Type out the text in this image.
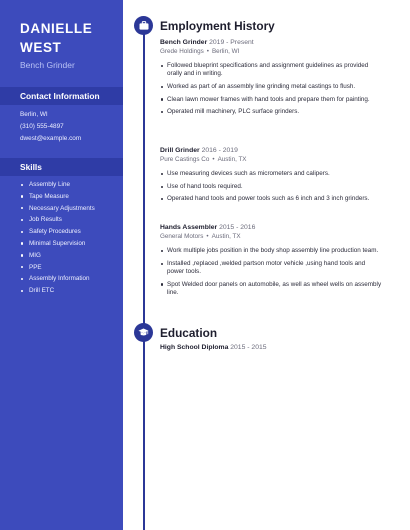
DANIELLE
WEST
Bench Grinder
Contact Information
Berlin, WI
(310) 555-4897
dwest@example.com
Skills
Assembly Line
Tape Measure
Necessary Adjustments
Job Results
Safety Procedures
Minimal Supervision
MIG
PPE
Assembly Information
Drill ETC
Employment History
Bench Grinder 2019 - Present
Grede Holdings • Berlin, WI
Followed blueprint specifications and assignment guidelines as provided orally and in writing.
Worked as part of an assembly line grinding metal castings to flush.
Clean lawn mower frames with hand tools and prepare them for painting.
Operated mill machinery, PLC surface grinders.
Drill Grinder 2016 - 2019
Pure Castings Co • Austin, TX
Use measuring devices such as micrometers and calipers.
Use of hand tools required.
Operated hand tools and power tools such as 6 inch and 3 inch grinders.
Hands Assembler 2015 - 2016
General Motors • Austin, TX
Work multiple jobs position in the body shop assembly line production team.
Installed ,replaced ,welded partson motor vehicle ,using hand tools and power tools.
Spot Welded door panels on automobile, as well as wheel wells on assembly line.
Education
High School Diploma 2015 - 2015
